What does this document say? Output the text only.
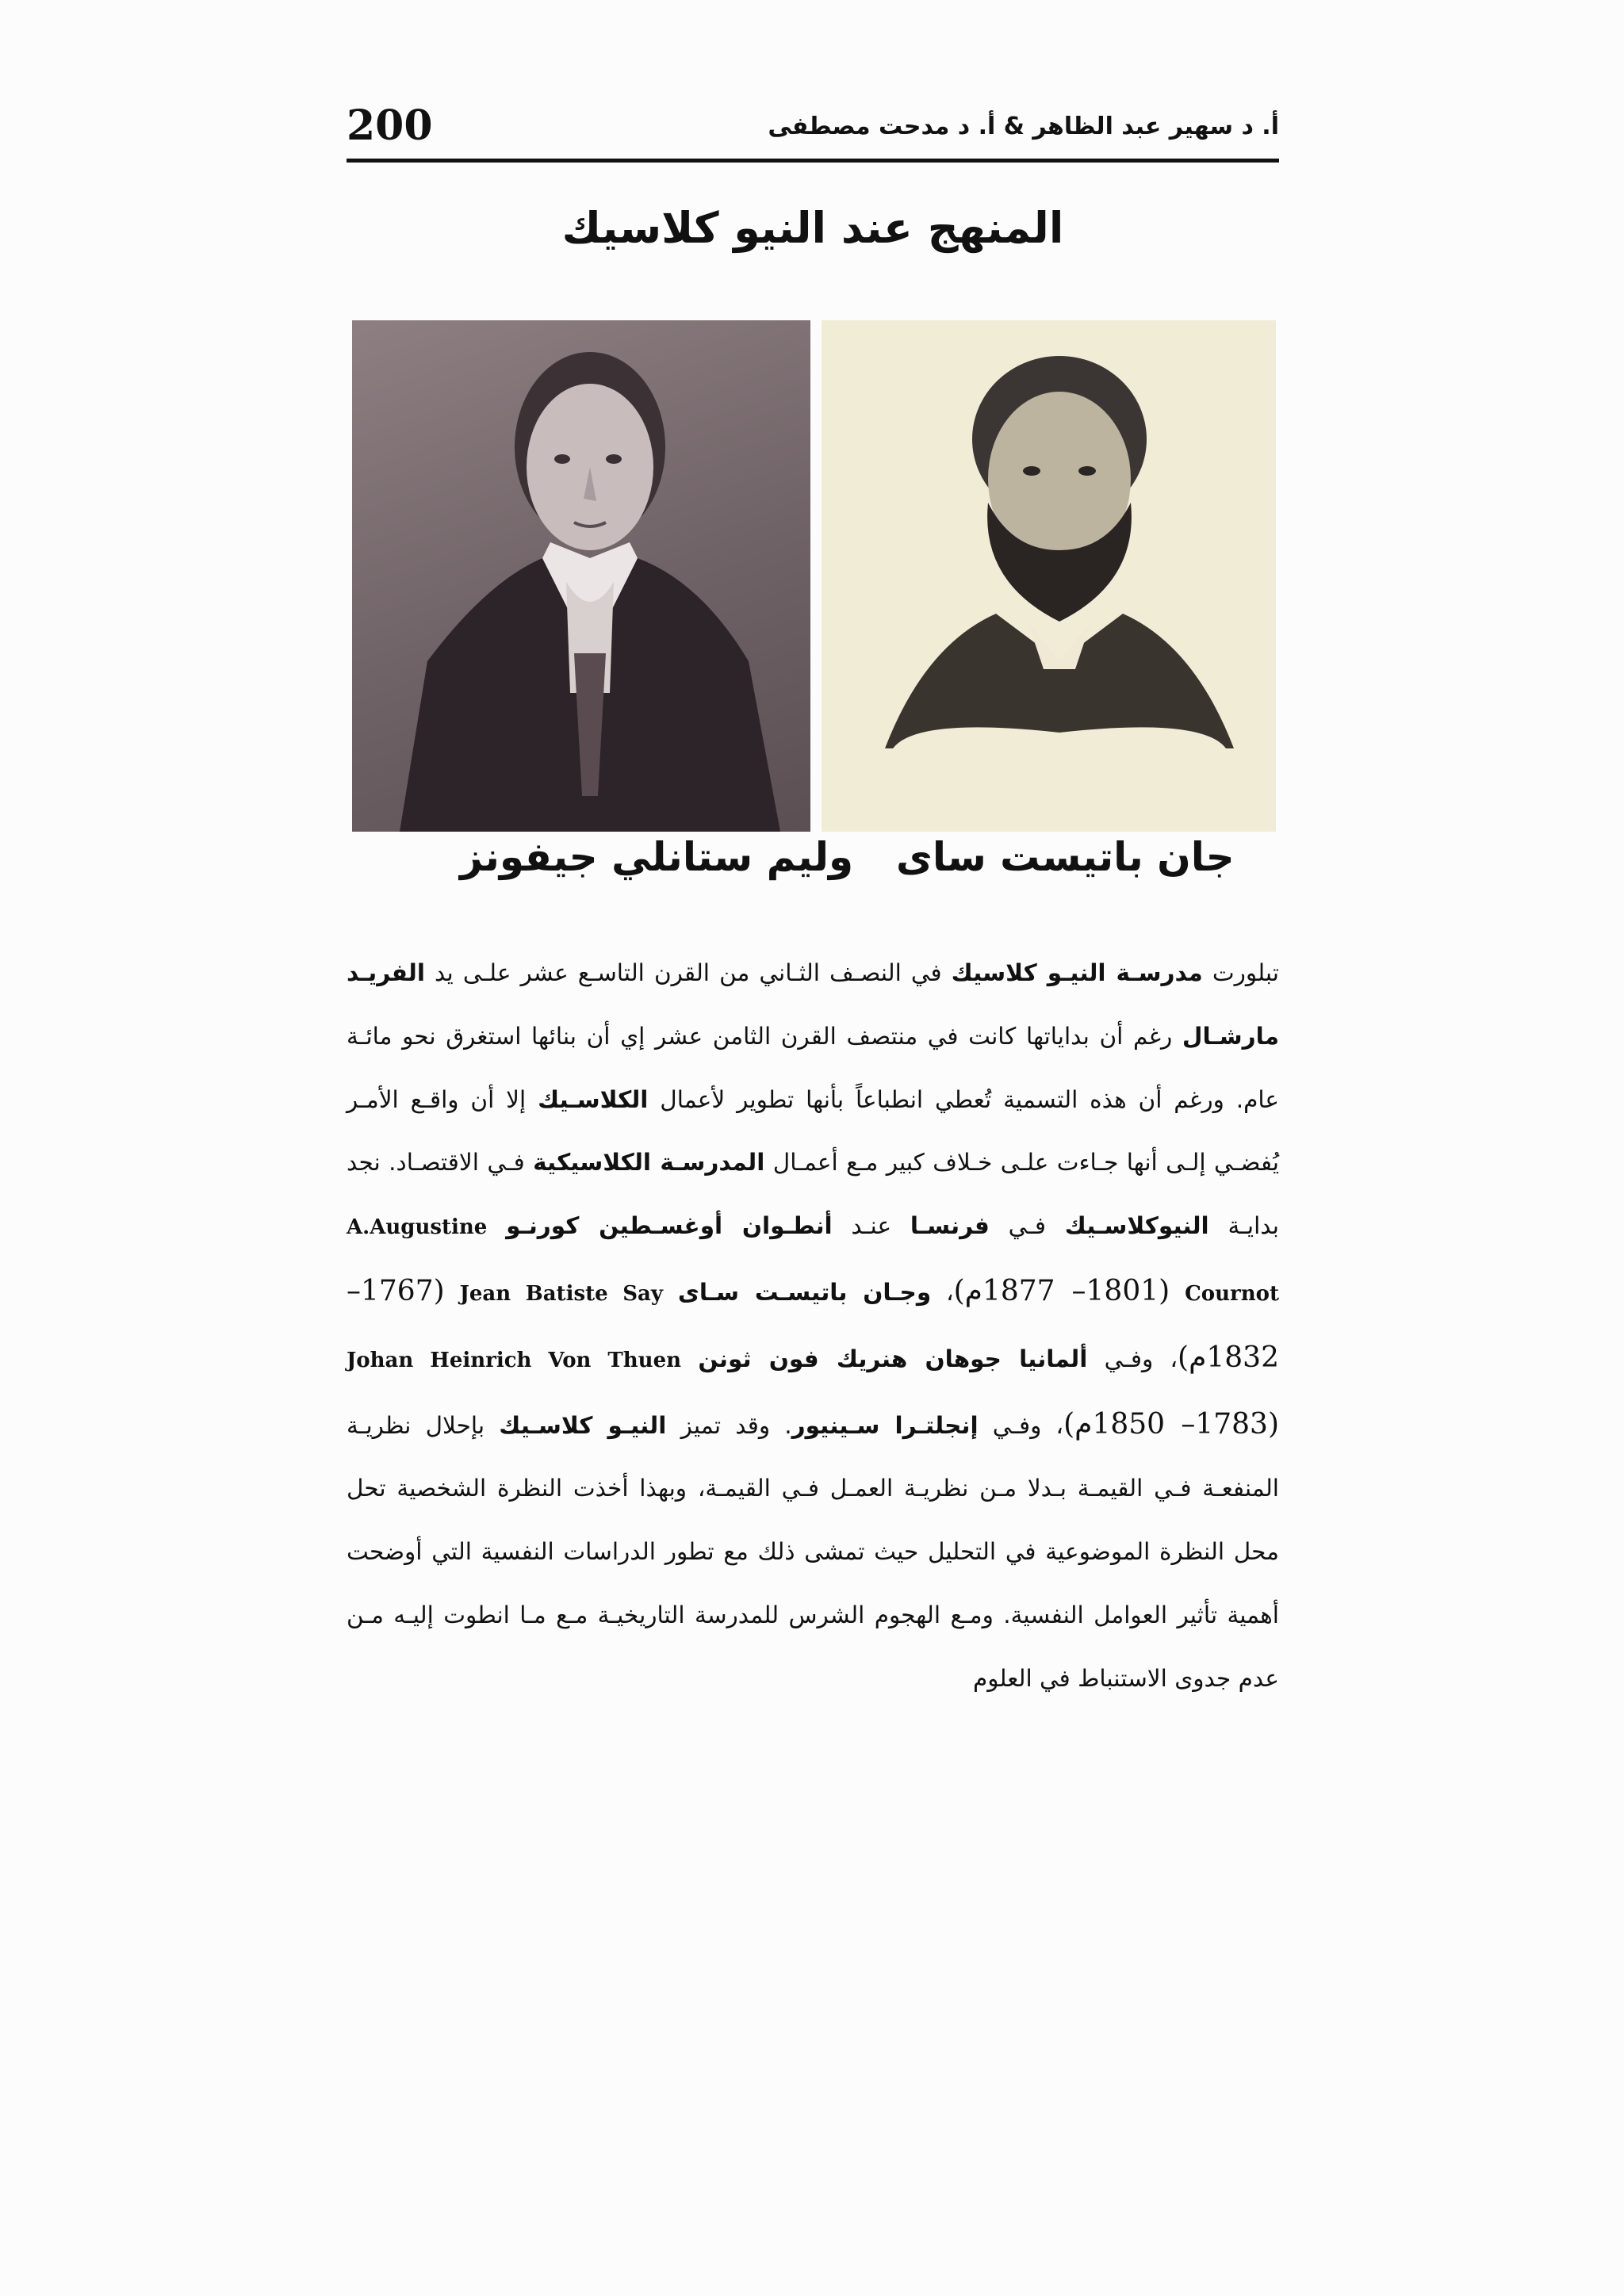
200	أ. د سهير عبد الظاهر & أ. د مدحت مصطفى
المنهج عند النيو كلاسيك
وليم ستانلي جيفونز جان باتيست ساى
تبلورت مدرسـة النيـو كلاسيك في النصـف الثـاني من القرن التاسـع عشر علـى يد الفريـد مارشـال رغم أن بداياتها كانت في منتصف القرن الثامن عشر إي أن بنائها استغرق نحو مائـة عام. ورغم أن هذه التسمية تُعطي انطباعاً بأنها تطوير لأعمال الكلاسـيك إلا أن واقـع الأمـر يُفضـي إلـى أنها جـاءت علـى خـلاف كبير مـع أعمـال المدرسـة الكلاسيكية فـي الاقتصـاد. نجد بدايـة النيوكلاسـيك فـي فرنسـا عنـد أنطـوان أوغسـطين كورنـو A.Augustine Cournot (1801– 1877م)، وجـان باتيسـت سـاى Jean Batiste Say (1767– 1832م)، وفـي ألمانيا جوهان هنريك فون ثونن Johan Heinrich Von Thuen (1783– 1850م)، وفـي إنجلتـرا سـينيور. وقد تميز النيـو كلاسـيك بإحلال نظريـة المنفعـة فـي القيمـة بـدلا مـن نظريـة العمـل فـي القيمـة، وبهذا أخذت النظرة الشخصية تحل محل النظرة الموضوعية في التحليل حيث تمشى ذلك مع تطور الدراسات النفسية التي أوضحت أهمية تأثير العوامل النفسية. ومـع الهجوم الشرس للمدرسة التاريخيـة مـع مـا انطوت إليـه مـن عدم جدوى الاستنباط في العلوم
